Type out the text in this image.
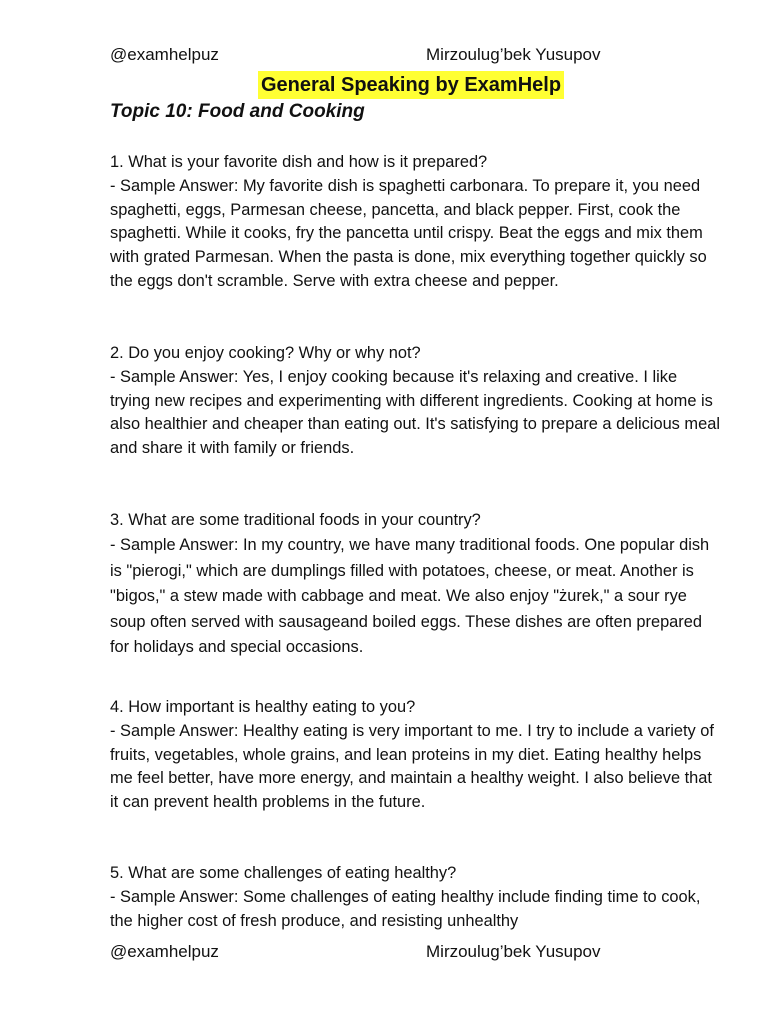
@examhelpuz	Mirzoulug’bek Yusupov
General Speaking by ExamHelp
Topic 10: Food and Cooking

1. What is your favorite dish and how is it prepared?

- Sample Answer: My favorite dish is spaghetti carbonara. To prepare it, you need spaghetti, eggs, Parmesan cheese, pancetta, and black pepper. First, cook the spaghetti. While it cooks, fry the pancetta until crispy. Beat the eggs and mix them with grated Parmesan. When the pasta is done, mix everything together quickly so the eggs don't scramble. Serve with extra cheese and pepper.

2. Do you enjoy cooking? Why or why not?

- Sample Answer: Yes, I enjoy cooking because it's relaxing and creative. I like trying new recipes and experimenting with different ingredients. Cooking at home is also healthier and cheaper than eating out. It's satisfying to prepare a delicious meal and share it with family or friends.

3. What are some traditional foods in your country?

- Sample Answer: In my country, we have many traditional foods. One popular dish is "pierogi," which are dumplings filled with potatoes, cheese, or meat. Another is "bigos," a stew made with cabbage and meat. We also enjoy "żurek," a sour rye soup often served with sausageand boiled eggs. These dishes are often prepared for holidays and special occasions.

4. How important is healthy eating to you?

- Sample Answer: Healthy eating is very important to me. I try to include a variety of fruits, vegetables, whole grains, and lean proteins in my diet. Eating healthy helps me feel better, have more energy, and maintain a healthy weight. I also believe that it can prevent health problems in the future.

5. What are some challenges of eating healthy?

- Sample Answer: Some challenges of eating healthy include finding time to cook, the higher cost of fresh produce, and resisting unhealthy

@examhelpuz	Mirzoulug’bek Yusupov
